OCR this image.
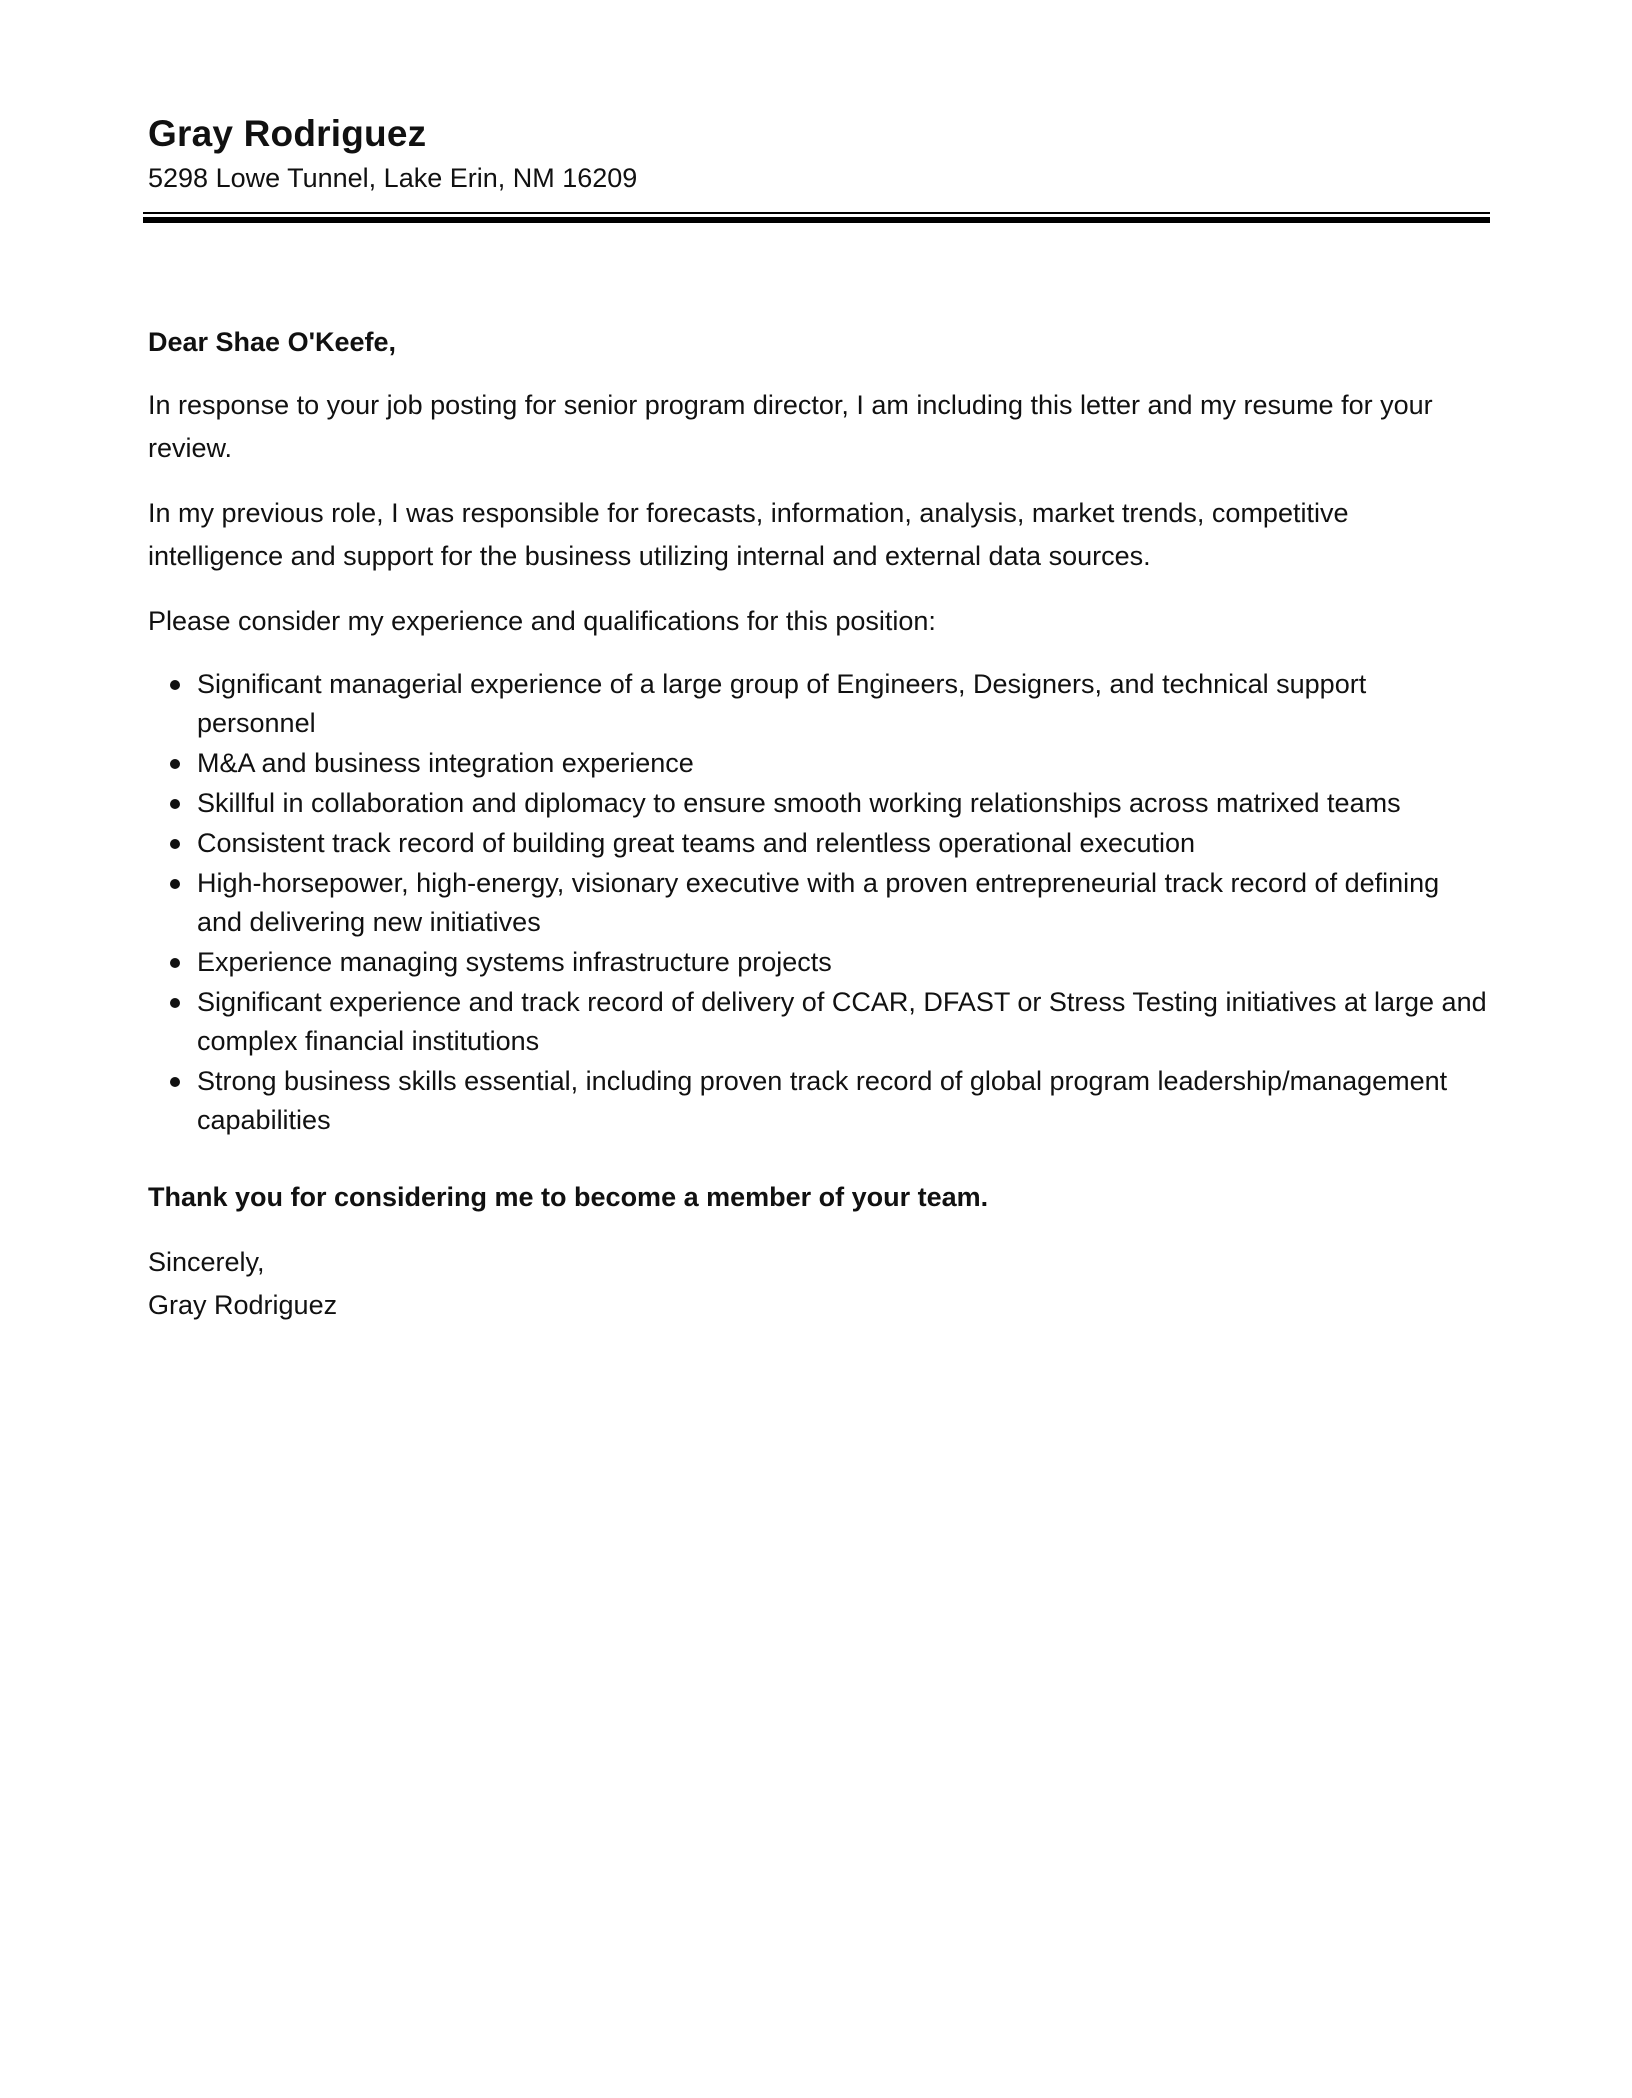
Gray Rodriguez
5298 Lowe Tunnel, Lake Erin, NM 16209

Dear Shae O'Keefe,

In response to your job posting for senior program director, I am including this letter and my resume for your review.

In my previous role, I was responsible for forecasts, information, analysis, market trends, competitive intelligence and support for the business utilizing internal and external data sources.

Please consider my experience and qualifications for this position:

Significant managerial experience of a large group of Engineers, Designers, and technical support personnel
M&A and business integration experience
Skillful in collaboration and diplomacy to ensure smooth working relationships across matrixed teams
Consistent track record of building great teams and relentless operational execution
High-horsepower, high-energy, visionary executive with a proven entrepreneurial track record of defining and delivering new initiatives
Experience managing systems infrastructure projects
Significant experience and track record of delivery of CCAR, DFAST or Stress Testing initiatives at large and complex financial institutions
Strong business skills essential, including proven track record of global program leadership/management capabilities

Thank you for considering me to become a member of your team.

Sincerely,

Gray Rodriguez
